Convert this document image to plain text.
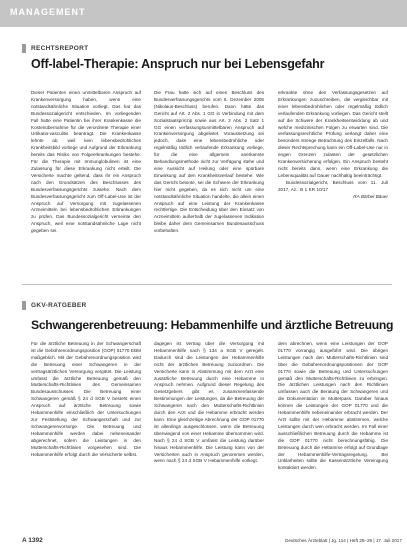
MANAGEMENT
RECHTSREPORT
Off-label-Therapie: Anspruch nur bei Lebensgefahr

Dieser Patienten einen unmittelbaren Anspruch auf Krankenversorgung haben, wenn eine notstandsähnliche Situation vorliegt. Das hat das Bundessozialgericht entschieden. Im vorliegenden Fall hatte eine Patientin bei ihrer Krankenkasse die Kostenübernahme für die verordnete Therapie einer Urtikaria-vasculitis beantragt. Die Krankenkasse lehnte ab, weil kein lebensbedrohliches Krankheitsbild vorliege und Aufgrund der Erkrankung bereits das Risiko von Folgeerkrankungen bestehe. Für die Therapie mit Immunglobulinen ist eine Zulassung für diese Erkrankung nicht erteilt. Die Versicherte machte geltend, dass ihr ein Anspruch nach den Grundsätzen des Beschlusses des Bundesverfassungsgerichts zustehe. Nach dem Bundesverfassungsgericht zum Off-Label-Use ist der Anspruch auf Versorgung mit zugelassenen Arzneimitteln bei lebensbedrohlichen Erkrankungen zu prüfen. Das Bundessozialgericht verneinte den Anspruch, weil eine notstandsähnliche Lage nicht gegeben sei.

Die Frau hatte sich auf einen Beschluss des Bundesverfassungsgerichts vom 6. Dezember 2005 (Nikolaus-Beschluss) berufen. Dann hätte das Gericht auf Art. 2 Abs. 1 GG in Verbindung mit dem Sozialstaatsprinzip sowie aus Art. 2 Abs. 2 Satz 1 GG einen verfassungsunmittelbaren Anspruch auf Krankenversorgung abgeleitet. Voraussetzung sei jedoch, dass eine lebensbedrohliche oder regelmäßig tödlich verlaufende Erkrankung vorliege, für die eine allgemein anerkannte Behandlungsmethode nicht zur Verfügung stehe und eine Aussicht auf Heilung oder eine spürbare Einwirkung auf den Krankheitsverlauf bestehe. Wie das Gericht betonte, sei die Schwere der Erkrankung hier nicht gegeben, da es sich nicht um eine notstandsähnliche Situation handelte, die allein einen Anspruch auf eine Leistung der Krankenkasse rechtfertige. Die Entscheidung über den Einsatz von Arzneimitteln außerhalb der zugelassenen Indikation bleibe daher dem Gemeinsamen Bundesausschuss vorbehalten.

erkrankte ohne den Verfassungsgesetzen auf Erkrankungen zuzuschreiben, die vergleichbar mit einer lebensbedrohlichen oder regelmäßig tödlich verlaufenden Erkrankung vorliegen. Das Gericht stellt auf die Schwere der Krankheitsentwicklung ab und welche medizinischen Folgen zu erwarten sind. Die verfassungsrechtliche Prüfung verlangt daher eine besonders strenge Betrachtung des Einzelfalls. Nach dieser Rechtsprechung kann ein Off-Label-Use nur in engen Grenzen zulasten der gesetzlichen Krankenversicherung erfolgen. Ein Anspruch besteht nicht bereits dann, wenn eine Erkrankung die Lebensqualität auf Dauer nachhaltig beeinträchtigt.

Bundessozialgericht, Beschluss vom 11. Juli 2017, Az.: B 1 KR 10/17

RA Bärbel Bäuer

GKV-RATGEBER
Schwangerenbetreuung: Hebammenhilfe und ärztliche Betreuung

Für die ärztliche Betreuung in der Schwangerschaft ist die Gebührenordnungsposition (GOP) 01770 EBM maßgeblich. Mit der Gebührenordnungsposition wird die Betreuung einer Schwangeren in der vertragsärztlichen Versorgung vergütet. Die Leistung umfasst die ärztliche Betreuung gemäß den Mutterschafts-Richtlinien des Gemeinsamen Bundesausschusses. Die Betreuung einer Schwangeren gemäß § 24 d SGB V besteht einen Anspruch auf ärztliche Betreuung sowie Hebammenhilfe einschließlich der Untersuchungen zur Feststellung der Schwangerschaft und zur Schwangerenvorsorge. Die Betreuung und Hebammenhilfe werden dabei nebeneinander abgerechnet, sofern die Leistungen in den Mutterschafts-Richtlinien vorgesehen sind. Die Hebammenhilfe erfolgt durch die Versicherte selbst.

dagegen ist Vertrag über die Versorgung mit Hebammenhilfe nach § 134 a SGB V geregelt. Dadurch sind die Leistungen der Hebammenhilfe nicht der ärztlichen Betreuung zuzuordnen. Die Versicherte kann in Abstimmung mit dem Arzt eine zusätzliche Betreuung durch eine Hebamme in Anspruch nehmen. Aufgrund dieser Regelung des Gesetzgebers gibt es zusammenfassende Bestimmungen der Leistungen, da die Betreuung der Schwangeren nach den Mutterschafts-Richtlinien durch den Arzt und die Hebamme erbracht werden kann. Eine gleichzeitige Abrechnung der GOP 01770 ist allerdings ausgeschlossen, wenn die Betreuung überwiegend von einer Hebamme übernommen wird. Nach § 24 d SGB V umfasst die Leistung darüber hinaus Hebammenhilfe. Die Leistung kann von der Versicherten auch in Anspruch genommen werden, wenn nach § 24 d SGB V Hebammenhilfe vorliegt.

dem abrechnen, wenn eine Leistungen der GOP 01770 vorrangig ausgeführt wird. Die übrigen Leistungen nach den Mutterschafts-Richtlinien sind über die Gebührenordnungspositionen der GOP 01770 sowie die Betreuung und Untersuchungen gemäß den Mutterschafts-Richtlinien zu erbringen. Die ärztlichen Leistungen nach den Richtlinien umfassen auch die Beratung der Schwangeren und die Dokumentation im Mutterpass. Darüber hinaus können die Leistungen der GOP 01770 und die Hebammenhilfe nebeneinander erbracht werden. Der Arzt sollte mit der Hebamme abstimmen, welche Leistungen durch wen erbracht werden. Im Fall einer ausschließlichen Betreuung durch die Hebamme ist die GOP 01770 nicht berechnungsfähig. Die Betreuung durch die Hebamme erfolgt auf Grundlage der Hebammenhilfe-Vertragsregelung. Bei Unklarheiten sollte die Kassenärztliche Vereinigung kontaktiert werden.

A 1392	Deutsches Ärzteblatt | Jg. 114 | Heft 28–29 | 17. Juli 2017
